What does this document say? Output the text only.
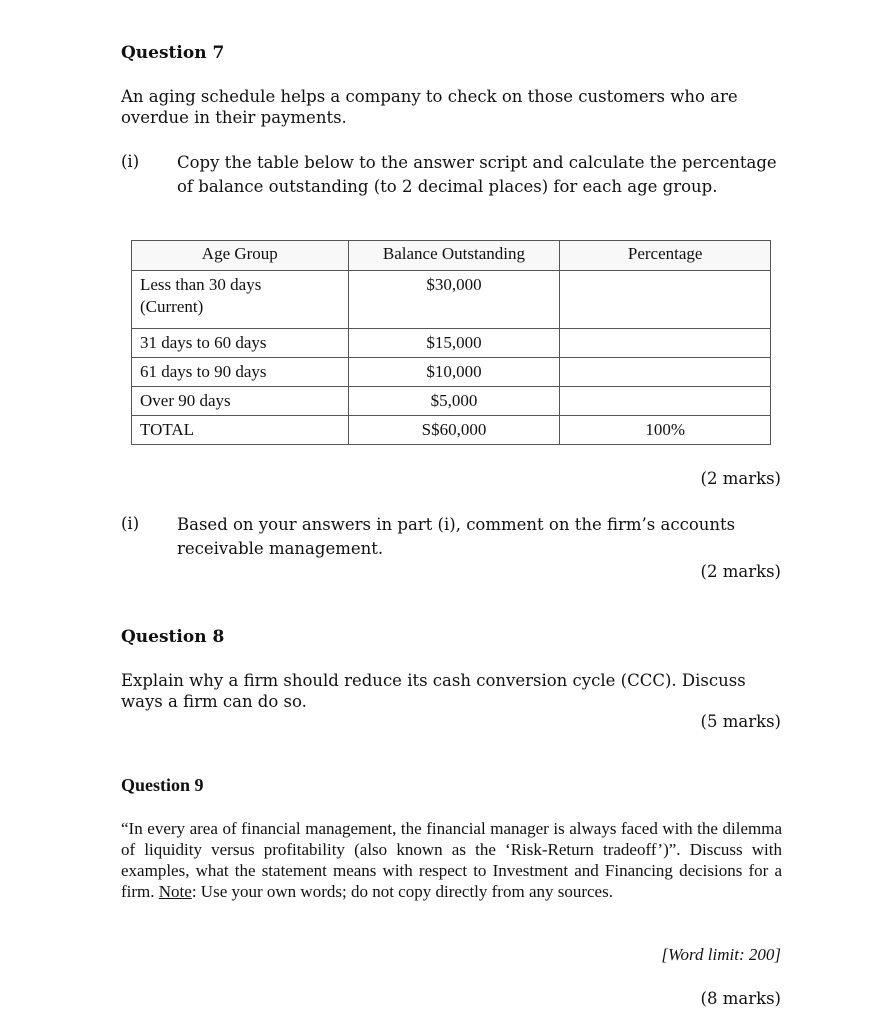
Question 7

An aging schedule helps a company to check on those customers who are overdue in their payments.

(i) Copy the table below to the answer script and calculate the percentage of balance outstanding (to 2 decimal places) for each age group.

Age Group	Balance Outstanding	Percentage

Less than 30 days
(Current)	$30,000	
31 days to 60 days	$15,000	
61 days to 90 days	$10,000	
Over 90 days	$5,000	
TOTAL	S$60,000	100%
(2 marks)
(i) Based on your answers in part (i), comment on the firm’s accounts receivable management.

(2 marks)
Question 8

Explain why a firm should reduce its cash conversion cycle (CCC). Discuss ways a firm can do so.

(5 marks)
Question 9

“In every area of financial management, the financial manager is always faced with the dilemma of liquidity versus profitability (also known as the ‘Risk-Return tradeoff’)”. Discuss with examples, what the statement means with respect to Investment and Financing decisions for a firm. Note: Use your own words; do not copy directly from any sources.

[Word limit: 200]
(8 marks)
